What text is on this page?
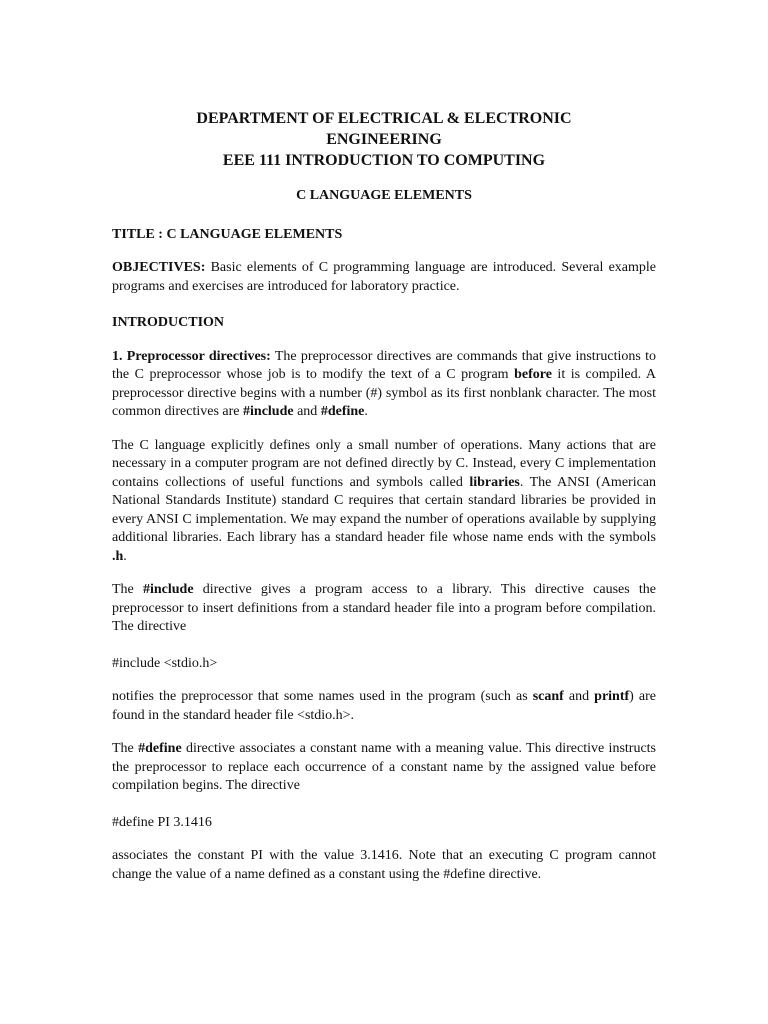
DEPARTMENT OF ELECTRICAL & ELECTRONIC

ENGINEERING

EEE 111 INTRODUCTION TO COMPUTING

C LANGUAGE ELEMENTS

TITLE : C LANGUAGE ELEMENTS

OBJECTIVES: Basic elements of C programming language are introduced. Several example programs and exercises are introduced for laboratory practice.

INTRODUCTION

1. Preprocessor directives: The preprocessor directives are commands that give instructions to the C preprocessor whose job is to modify the text of a C program before it is compiled. A preprocessor directive begins with a number (#) symbol as its first nonblank character. The most common directives are #include and #define.

The C language explicitly defines only a small number of operations. Many actions that are necessary in a computer program are not defined directly by C. Instead, every C implementation contains collections of useful functions and symbols called libraries. The ANSI (American National Standards Institute) standard C requires that certain standard libraries be provided in every ANSI C implementation. We may expand the number of operations available by supplying additional libraries. Each library has a standard header file whose name ends with the symbols .h.

The #include directive gives a program access to a library. This directive causes the preprocessor to insert definitions from a standard header file into a program before compilation. The directive

#include <stdio.h>

notifies the preprocessor that some names used in the program (such as scanf and printf) are found in the standard header file <stdio.h>.

The #define directive associates a constant name with a meaning value. This directive instructs the preprocessor to replace each occurrence of a constant name by the assigned value before compilation begins. The directive

#define PI 3.1416

associates the constant PI with the value 3.1416. Note that an executing C program cannot change the value of a name defined as a constant using the #define directive.
